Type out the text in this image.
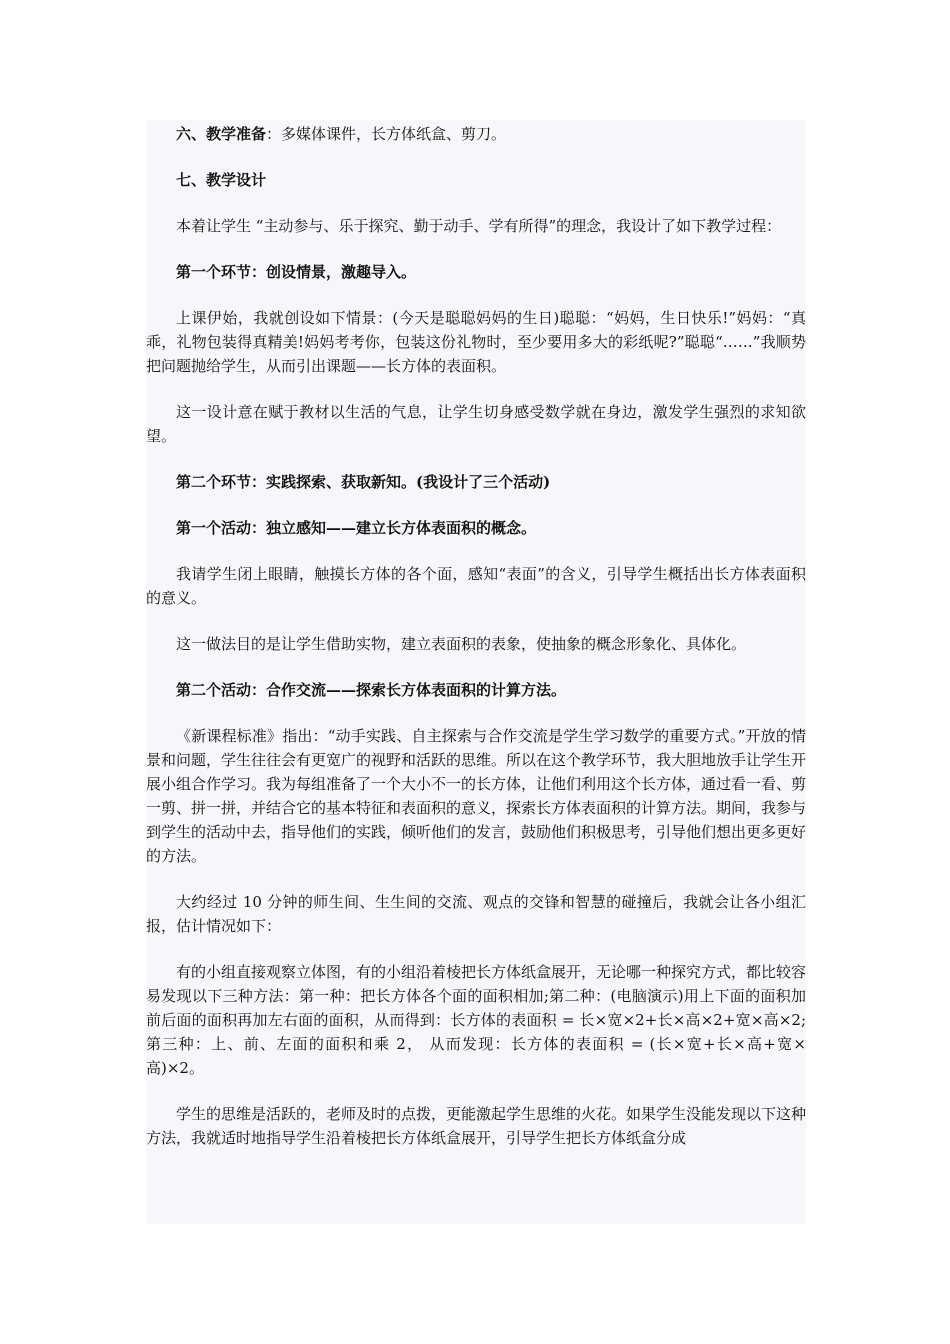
六、教学准备：多媒体课件，长方体纸盒、剪刀。

七、教学设计

本着让学生 “主动参与、乐于探究、勤于动手、学有所得”的理念，我设计了如下教学过程：

第一个环节：创设情景，激趣导入。

上课伊始，我就创设如下情景：(今天是聪聪妈妈的生日)聪聪：“妈妈，生日快乐!”妈妈：“真乖，礼物包装得真精美!妈妈考考你，包装这份礼物时，至少要用多大的彩纸呢?”聪聪“……”我顺势把问题抛给学生，从而引出课题——长方体的表面积。

这一设计意在赋于教材以生活的气息，让学生切身感受数学就在身边，激发学生强烈的求知欲望。

第二个环节：实践探索、获取新知。(我设计了三个活动)

第一个活动：独立感知——建立长方体表面积的概念。

我请学生闭上眼睛，触摸长方体的各个面，感知“表面”的含义，引导学生概括出长方体表面积的意义。

这一做法目的是让学生借助实物，建立表面积的表象，使抽象的概念形象化、具体化。

第二个活动：合作交流——探索长方体表面积的计算方法。

《新课程标准》指出：“动手实践、自主探索与合作交流是学生学习数学的重要方式。”开放的情景和问题，学生往往会有更宽广的视野和活跃的思维。所以在这个教学环节，我大胆地放手让学生开展小组合作学习。我为每组准备了一个大小不一的长方体，让他们利用这个长方体，通过看一看、剪一剪、拼一拼，并结合它的基本特征和表面积的意义，探索长方体表面积的计算方法。期间，我参与到学生的活动中去，指导他们的实践，倾听他们的发言，鼓励他们积极思考，引导他们想出更多更好的方法。

大约经过 10 分钟的师生间、生生间的交流、观点的交锋和智慧的碰撞后，我就会让各小组汇报，估计情况如下：

有的小组直接观察立体图，有的小组沿着棱把长方体纸盒展开，无论哪一种探究方式，都比较容易发现以下三种方法：第一种：把长方体各个面的面积相加;第二种：(电脑演示)用上下面的面积加前后面的面积再加左右面的面积，从而得到：长方体的表面积 = 长×宽×2+长×高×2+宽×高×2;第三种：上、前、左面的面积和乘 2， 从而发现：长方体的表面积 = (长×宽+长×高+宽×高)×2。

学生的思维是活跃的，老师及时的点拨，更能激起学生思维的火花。如果学生没能发现以下这种方法，我就适时地指导学生沿着棱把长方体纸盒展开，引导学生把长方体纸盒分成
